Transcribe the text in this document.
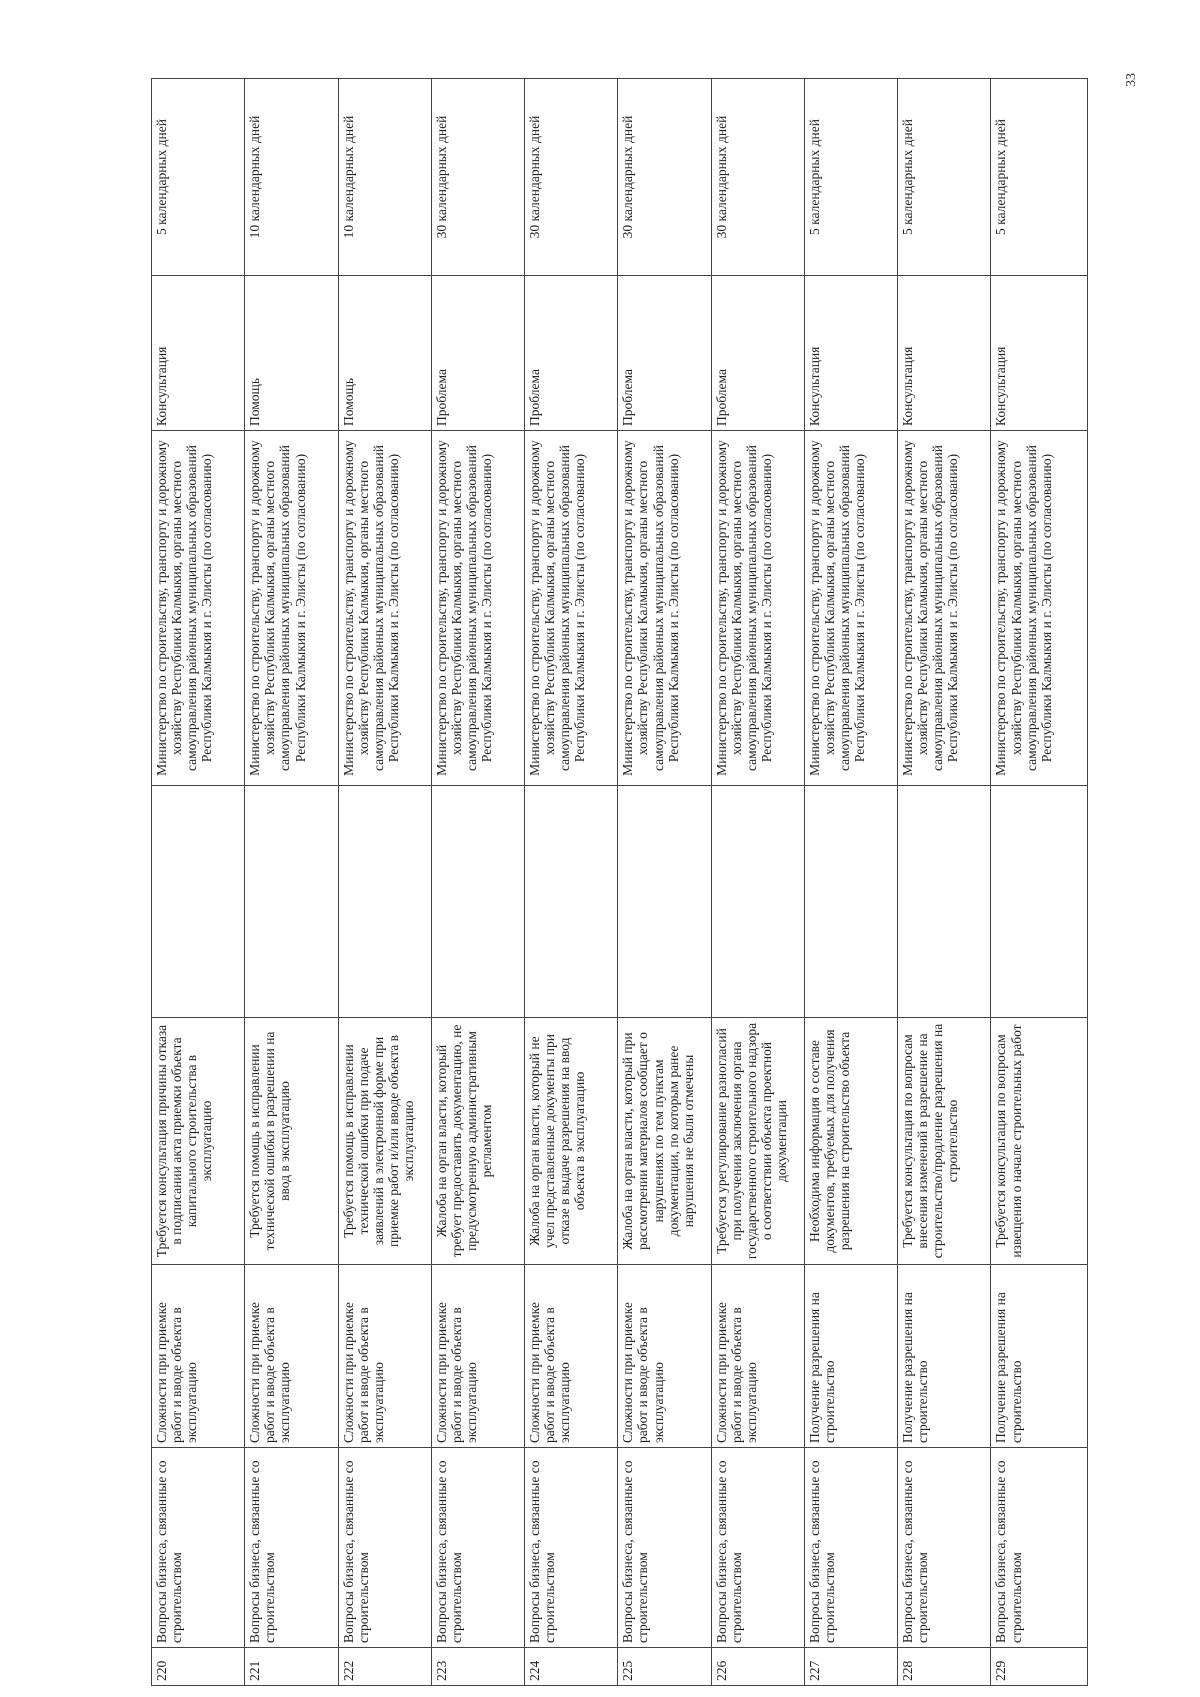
220	Вопросы бизнеса, связанные со строительством	Сложности при приемке работ и вводе объекта в эксплуатацию	Требуется консультация причины отказа в подписании акта приемки объекта капитального строительства в эксплуатацию		Министерство по строительству, транспорту и дорожному хозяйству Республики Калмыкия, органы местного самоуправления районных муниципальных образований Республики Калмыкия и г. Элисты (по согласованию)	Консультация	5 календарных дней
221	Вопросы бизнеса, связанные со строительством	Сложности при приемке работ и вводе объекта в эксплуатацию	Требуется помощь в исправлении технической ошибки в разрешении на ввод в эксплуатацию		Министерство по строительству, транспорту и дорожному хозяйству Республики Калмыкия, органы местного самоуправления районных муниципальных образований Республики Калмыкия и г. Элисты (по согласованию)	Помощь	10 календарных дней
222	Вопросы бизнеса, связанные со строительством	Сложности при приемке работ и вводе объекта в эксплуатацию	Требуется помощь в исправлении технической ошибки при подаче заявлений в электронной форме при приемке работ и/или вводе объекта в эксплуатацию		Министерство по строительству, транспорту и дорожному хозяйству Республики Калмыкия, органы местного самоуправления районных муниципальных образований Республики Калмыкия и г. Элисты (по согласованию)	Помощь	10 календарных дней
223	Вопросы бизнеса, связанные со строительством	Сложности при приемке работ и вводе объекта в эксплуатацию	Жалоба на орган власти, который требует предоставить документацию, не предусмотренную административным регламентом		Министерство по строительству, транспорту и дорожному хозяйству Республики Калмыкия, органы местного самоуправления районных муниципальных образований Республики Калмыкия и г. Элисты (по согласованию)	Проблема	30 календарных дней
224	Вопросы бизнеса, связанные со строительством	Сложности при приемке работ и вводе объекта в эксплуатацию	Жалоба на орган власти, который не учел представленные документы при отказе в выдаче разрешения на ввод объекта в эксплуатацию		Министерство по строительству, транспорту и дорожному хозяйству Республики Калмыкия, органы местного самоуправления районных муниципальных образований Республики Калмыкия и г. Элисты (по согласованию)	Проблема	30 календарных дней
225	Вопросы бизнеса, связанные со строительством	Сложности при приемке работ и вводе объекта в эксплуатацию	Жалоба на орган власти, который при рассмотрении материалов сообщает о нарушениях по тем пунктам документации, по которым ранее нарушения не были отмечены		Министерство по строительству, транспорту и дорожному хозяйству Республики Калмыкия, органы местного самоуправления районных муниципальных образований Республики Калмыкия и г. Элисты (по согласованию)	Проблема	30 календарных дней
226	Вопросы бизнеса, связанные со строительством	Сложности при приемке работ и вводе объекта в эксплуатацию	Требуется урегулирование разногласий при получении заключения органа государственного строительного надзора о соответствии объекта проектной документации		Министерство по строительству, транспорту и дорожному хозяйству Республики Калмыкия, органы местного самоуправления районных муниципальных образований Республики Калмыкия и г. Элисты (по согласованию)	Проблема	30 календарных дней
227	Вопросы бизнеса, связанные со строительством	Получение разрешения на строительство	Необходима информация о составе документов, требуемых для получения разрешения на строительство объекта		Министерство по строительству, транспорту и дорожному хозяйству Республики Калмыкия, органы местного самоуправления районных муниципальных образований Республики Калмыкия и г. Элисты (по согласованию)	Консультация	5 календарных дней
228	Вопросы бизнеса, связанные со строительством	Получение разрешения на строительство	Требуется консультация по вопросам внесения изменений в разрешение на строительство/продление разрешения на строительство		Министерство по строительству, транспорту и дорожному хозяйству Республики Калмыкия, органы местного самоуправления районных муниципальных образований Республики Калмыкия и г. Элисты (по согласованию)	Консультация	5 календарных дней
229	Вопросы бизнеса, связанные со строительством	Получение разрешения на строительство	Требуется консультация по вопросам извещения о начале строительных работ		Министерство по строительству, транспорту и дорожному хозяйству Республики Калмыкия, органы местного самоуправления районных муниципальных образований Республики Калмыкия и г. Элисты (по согласованию)	Консультация	5 календарных дней
33
